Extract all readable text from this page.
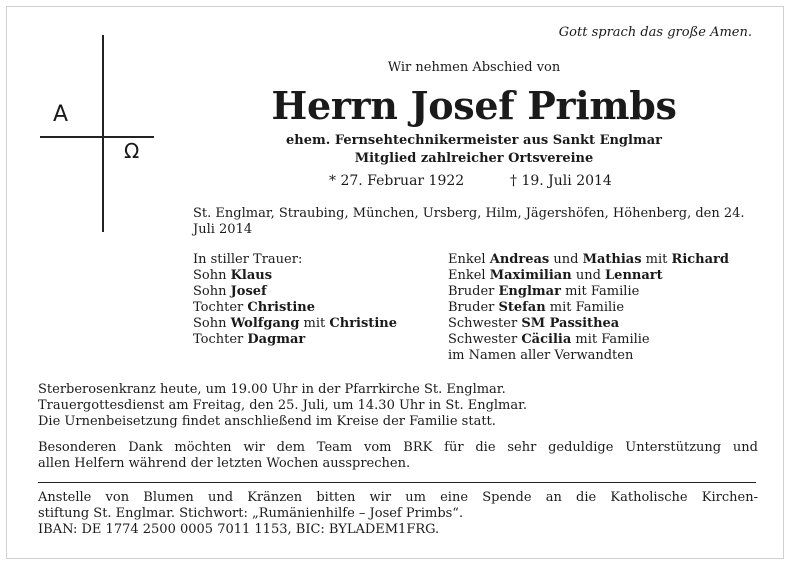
Gott sprach das große Amen.
A
Ω
Wir nehmen Abschied von
Herrn Josef Primbs
ehem. Fernsehtechnikermeister aus Sankt Englmar
Mitglied zahlreicher Ortsvereine
* 27. Februar 1922	† 19. Juli 2014
St. Englmar, Straubing, München, Ursberg, Hilm, Jägershöfen, Höhenberg, den 24. Juli 2014
In stiller Trauer:
Sohn Klaus
Sohn Josef
Tochter Christine
Sohn Wolfgang mit Christine
Tochter Dagmar
Enkel Andreas und Mathias mit Richard
Enkel Maximilian und Lennart
Bruder Englmar mit Familie
Bruder Stefan mit Familie
Schwester SM Passithea
Schwester Cäcilia mit Familie
im Namen aller Verwandten
Sterberosenkranz heute, um 19.00 Uhr in der Pfarrkirche St. Englmar.
Trauergottesdienst am Freitag, den 25. Juli, um 14.30 Uhr in St. Englmar.
Die Urnenbeisetzung findet anschließend im Kreise der Familie statt.
Besonderen Dank möchten wir dem Team vom BRK für die sehr geduldige Unterstützung und
allen Helfern während der letzten Wochen aussprechen.
Anstelle von Blumen und Kränzen bitten wir um eine Spende an die Katholische Kirchen-
stiftung St. Englmar. Stichwort: „Rumänienhilfe – Josef Primbs“.
IBAN: DE 1774 2500 0005 7011 1153, BIC: BYLADEM1FRG.
